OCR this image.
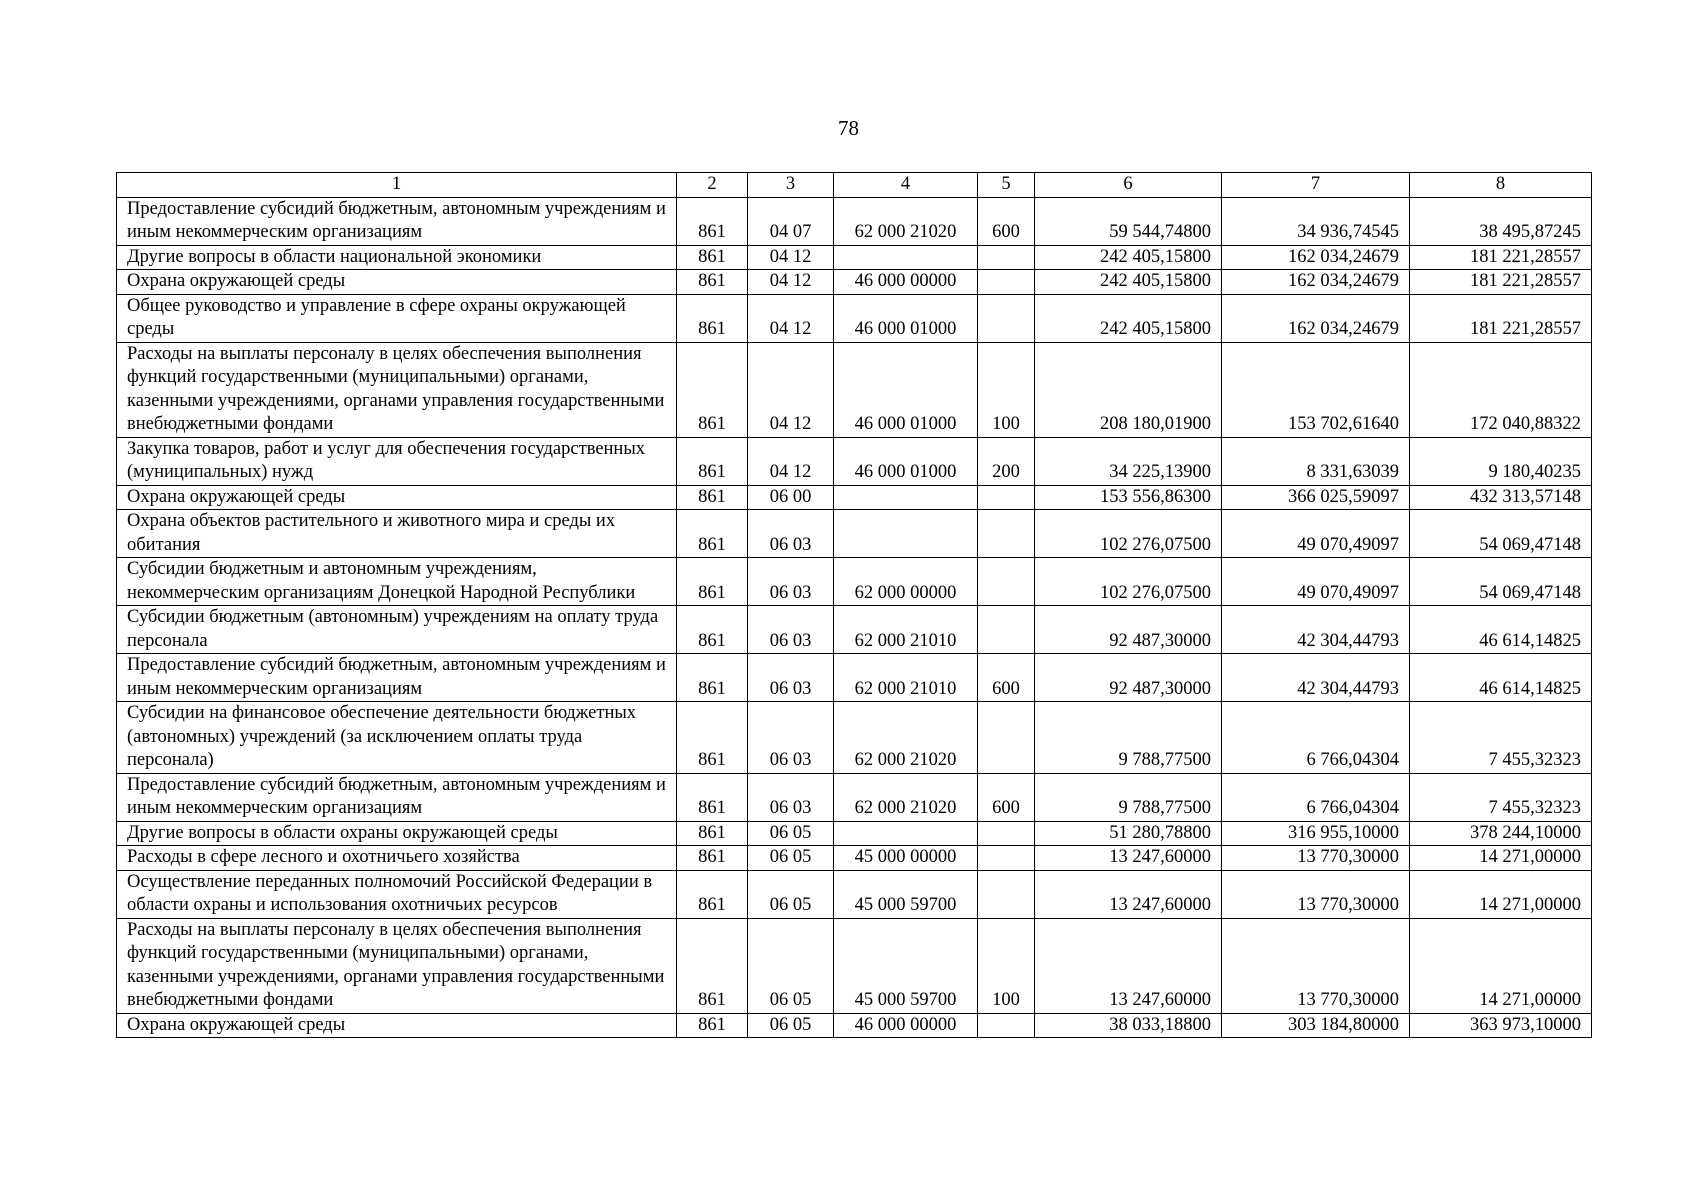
78
1	2	3	4	5	6	7	8
Предоставление субсидий бюджетным, автономным учреждениям и иным некоммерческим организациям	861	04 07	62 000 21020	600	59 544,74800	34 936,74545	38 495,87245
Другие вопросы в области национальной экономики	861	04 12			242 405,15800	162 034,24679	181 221,28557
Охрана окружающей среды	861	04 12	46 000 00000		242 405,15800	162 034,24679	181 221,28557
Общее руководство и управление в сфере охраны окружающей среды	861	04 12	46 000 01000		242 405,15800	162 034,24679	181 221,28557
Расходы на выплаты персоналу в целях обеспечения выполнения функций государственными (муниципальными) органами, казенными учреждениями, органами управления государственными внебюджетными фондами	861	04 12	46 000 01000	100	208 180,01900	153 702,61640	172 040,88322
Закупка товаров, работ и услуг для обеспечения государственных (муниципальных) нужд	861	04 12	46 000 01000	200	34 225,13900	8 331,63039	9 180,40235
Охрана окружающей среды	861	06 00			153 556,86300	366 025,59097	432 313,57148
Охрана объектов растительного и животного мира и среды их обитания	861	06 03			102 276,07500	49 070,49097	54 069,47148
Субсидии бюджетным и автономным учреждениям, некоммерческим организациям Донецкой Народной Республики	861	06 03	62 000 00000		102 276,07500	49 070,49097	54 069,47148
Субсидии бюджетным (автономным) учреждениям на оплату труда персонала	861	06 03	62 000 21010		92 487,30000	42 304,44793	46 614,14825
Предоставление субсидий бюджетным, автономным учреждениям и иным некоммерческим организациям	861	06 03	62 000 21010	600	92 487,30000	42 304,44793	46 614,14825
Субсидии на финансовое обеспечение деятельности бюджетных (автономных) учреждений (за исключением оплаты труда персонала)	861	06 03	62 000 21020		9 788,77500	6 766,04304	7 455,32323
Предоставление субсидий бюджетным, автономным учреждениям и иным некоммерческим организациям	861	06 03	62 000 21020	600	9 788,77500	6 766,04304	7 455,32323
Другие вопросы в области охраны окружающей среды	861	06 05			51 280,78800	316 955,10000	378 244,10000
Расходы в сфере лесного и охотничьего хозяйства	861	06 05	45 000 00000		13 247,60000	13 770,30000	14 271,00000
Осуществление переданных полномочий Российской Федерации в области охраны и использования охотничьих ресурсов	861	06 05	45 000 59700		13 247,60000	13 770,30000	14 271,00000
Расходы на выплаты персоналу в целях обеспечения выполнения функций государственными (муниципальными) органами, казенными учреждениями, органами управления государственными внебюджетными фондами	861	06 05	45 000 59700	100	13 247,60000	13 770,30000	14 271,00000
Охрана окружающей среды	861	06 05	46 000 00000		38 033,18800	303 184,80000	363 973,10000
